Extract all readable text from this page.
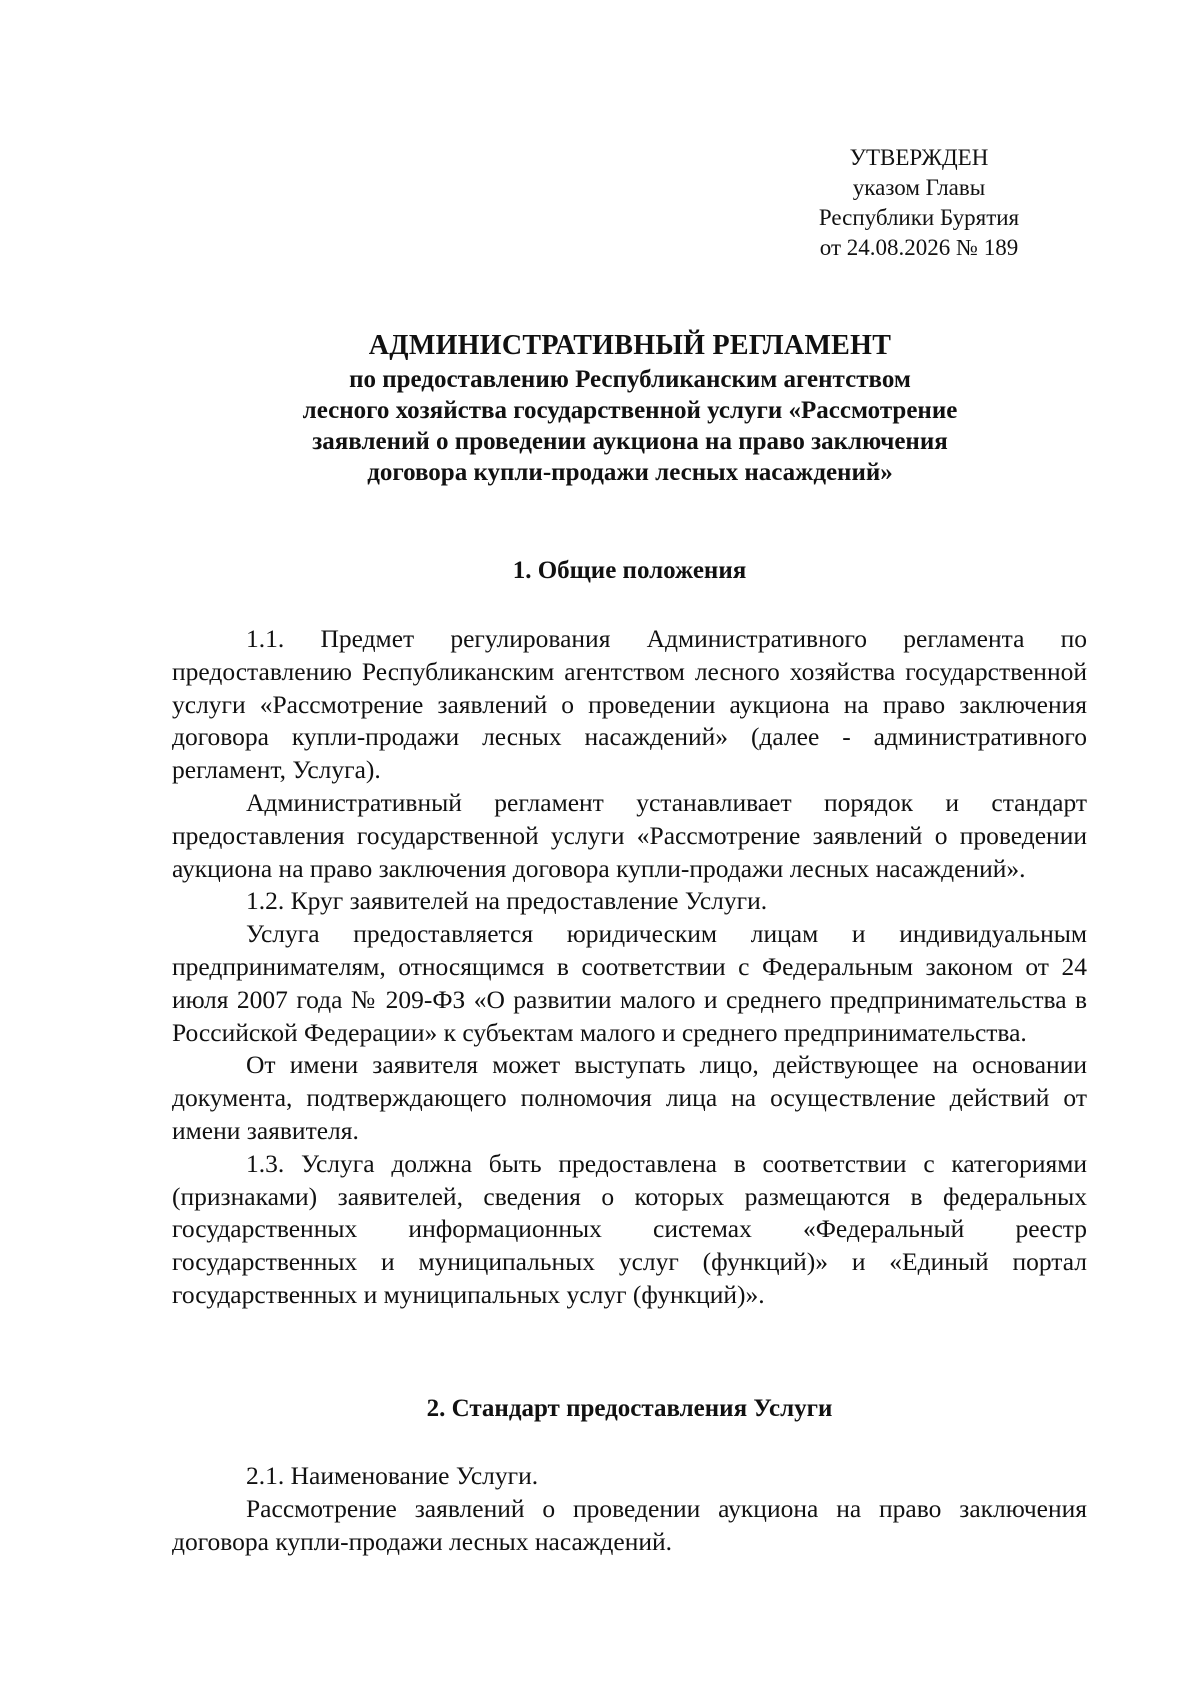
УТВЕРЖДЕН
указом Главы
Республики Бурятия
от 24.08.2026 № 189
АДМИНИСТРАТИВНЫЙ РЕГЛАМЕНТ
по предоставлению Республиканским агентством
лесного хозяйства государственной услуги «Рассмотрение
заявлений о проведении аукциона на право заключения
договора купли-продажи лесных насаждений»
1. Общие положения

1.1. Предмет регулирования Административного регламента по предоставлению Республиканским агентством лесного хозяйства государственной услуги «Рассмотрение заявлений о проведении аукциона на право заключения договора купли-продажи лесных насаждений» (далее - административного регламент, Услуга).

Административный регламент устанавливает порядок и стандарт предоставления государственной услуги «Рассмотрение заявлений о проведении аукциона на право заключения договора купли-продажи лесных насаждений».

1.2. Круг заявителей на предоставление Услуги.

Услуга предоставляется юридическим лицам и индивидуальным предпринимателям, относящимся в соответствии с Федеральным законом от 24 июля 2007 года № 209-ФЗ «О развитии малого и среднего предпринимательства в Российской Федерации» к субъектам малого и среднего предпринимательства.

От имени заявителя может выступать лицо, действующее на основании документа, подтверждающего полномочия лица на осуществление действий от имени заявителя.

1.3. Услуга должна быть предоставлена в соответствии с категориями (признаками) заявителей, сведения о которых размещаются в федеральных государственных информационных системах «Федеральный реестр государственных и муниципальных услуг (функций)» и «Единый портал государственных и муниципальных услуг (функций)».

2. Стандарт предоставления Услуги

2.1. Наименование Услуги.

Рассмотрение заявлений о проведении аукциона на право заключения договора купли-продажи лесных насаждений.
